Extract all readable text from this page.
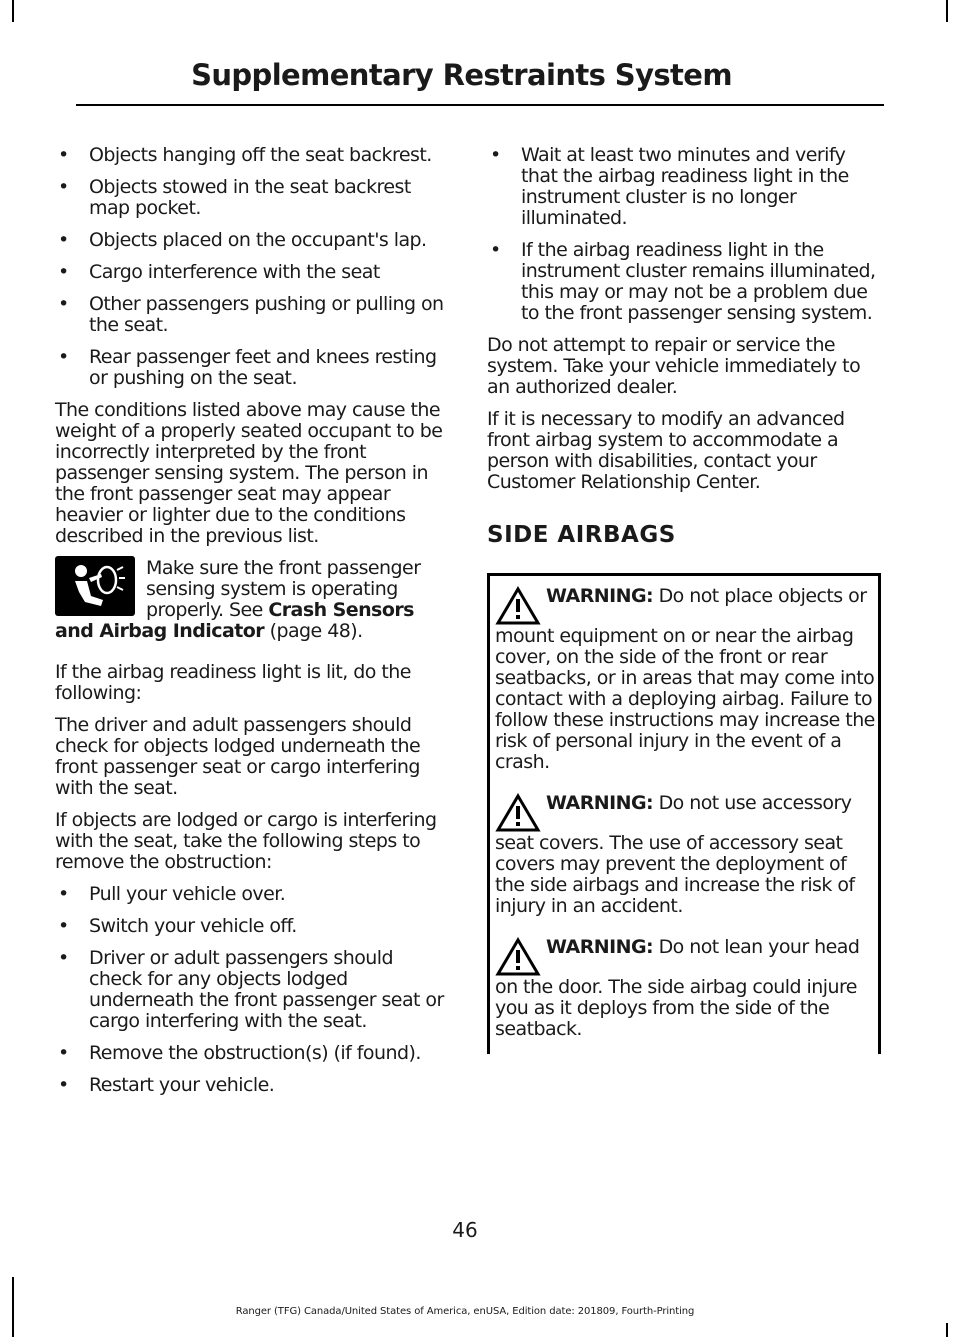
Supplementary Restraints System
• Objects hanging off the seat backrest.
• Objects stowed in the seat backrest map pocket.
• Objects placed on the occupant's lap.
• Cargo interference with the seat
• Other passengers pushing or pulling on the seat.
• Rear passenger feet and knees resting or pushing on the seat.

The conditions listed above may cause the weight of a properly seated occupant to be incorrectly interpreted by the front passenger sensing system. The person in the front passenger seat may appear heavier or lighter due to the conditions described in the previous list.

Make sure the front passenger sensing system is operating properly. See Crash Sensors and Airbag Indicator (page 48).

If the airbag readiness light is lit, do the following:

The driver and adult passengers should check for objects lodged underneath the front passenger seat or cargo interfering with the seat.

If objects are lodged or cargo is interfering with the seat, take the following steps to remove the obstruction:

• Pull your vehicle over.
• Switch your vehicle off.
• Driver or adult passengers should check for any objects lodged underneath the front passenger seat or cargo interfering with the seat.
• Remove the obstruction(s) (if found).
• Restart your vehicle.
• Wait at least two minutes and verify that the airbag readiness light in the instrument cluster is no longer illuminated.
• If the airbag readiness light in the instrument cluster remains illuminated, this may or may not be a problem due to the front passenger sensing system.

Do not attempt to repair or service the system. Take your vehicle immediately to an authorized dealer.

If it is necessary to modify an advanced front airbag system to accommodate a person with disabilities, contact your Customer Relationship Center.

SIDE AIRBAGS
WARNING: Do not place objects or mount equipment on or near the airbag cover, on the side of the front or rear seatbacks, or in areas that may come into contact with a deploying airbag. Failure to follow these instructions may increase the risk of personal injury in the event of a crash.
WARNING: Do not use accessory seat covers. The use of accessory seat covers may prevent the deployment of the side airbags and increase the risk of injury in an accident.
WARNING: Do not lean your head on the door. The side airbag could injure you as it deploys from the side of the seatback.
46
Ranger (TFG) Canada/United States of America, enUSA, Edition date: 201809, Fourth-Printing
